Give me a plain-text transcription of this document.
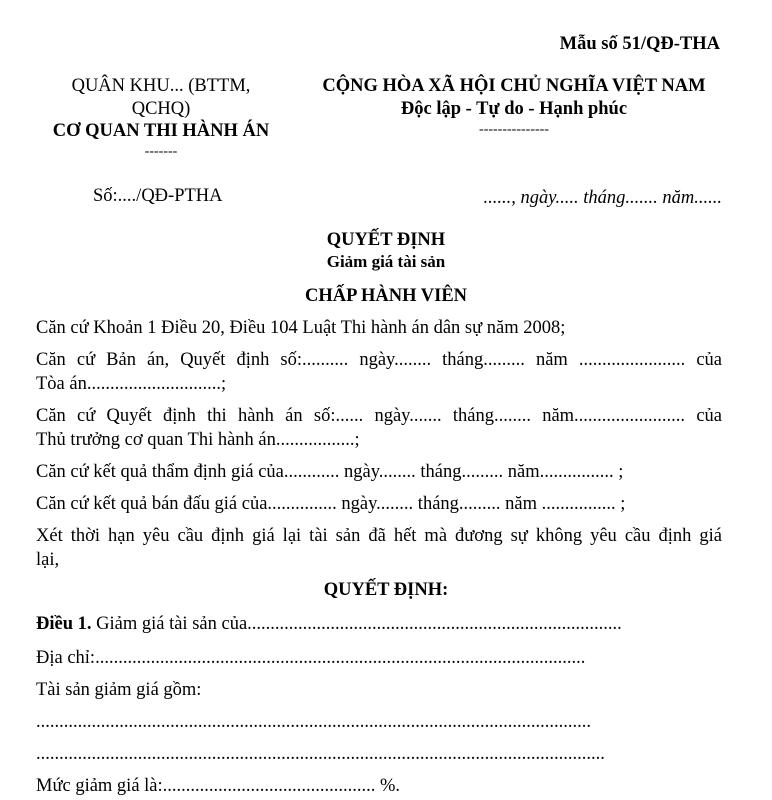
Mẫu số 51/QĐ-THA
QUÂN KHU... (BTTM,
QCHQ)
CƠ QUAN THI HÀNH ÁN
-------
CỘNG HÒA XÃ HỘI CHỦ NGHĨA VIỆT NAM
Độc lập - Tự do - Hạnh phúc
---------------
Số:..../QĐ-PTHA	......, ngày..... tháng....... năm......
QUYẾT ĐỊNH
Giảm giá tài sản
CHẤP HÀNH VIÊN
Căn cứ Khoản 1 Điều 20, Điều 104 Luật Thi hành án dân sự năm 2008;
Căn cứ Bản án, Quyết định số:.......... ngày........ tháng......... năm ....................... của
Tòa án.............................;
Căn cứ Quyết định thi hành án số:...... ngày....... tháng........ năm........................ của
Thủ trưởng cơ quan Thi hành án.................;
Căn cứ kết quả thẩm định giá của............ ngày........ tháng......... năm................ ;
Căn cứ kết quả bán đấu giá của............... ngày........ tháng......... năm ................ ;
Xét thời hạn yêu cầu định giá lại tài sản đã hết mà đương sự không yêu cầu định giá
lại,
QUYẾT ĐỊNH:
Điều 1. Giảm giá tài sản của.................................................................................
Địa chỉ:..........................................................................................................
Tài sản giảm giá gồm:
........................................................................................................................
...........................................................................................................................
Mức giảm giá là:.............................................. %.
